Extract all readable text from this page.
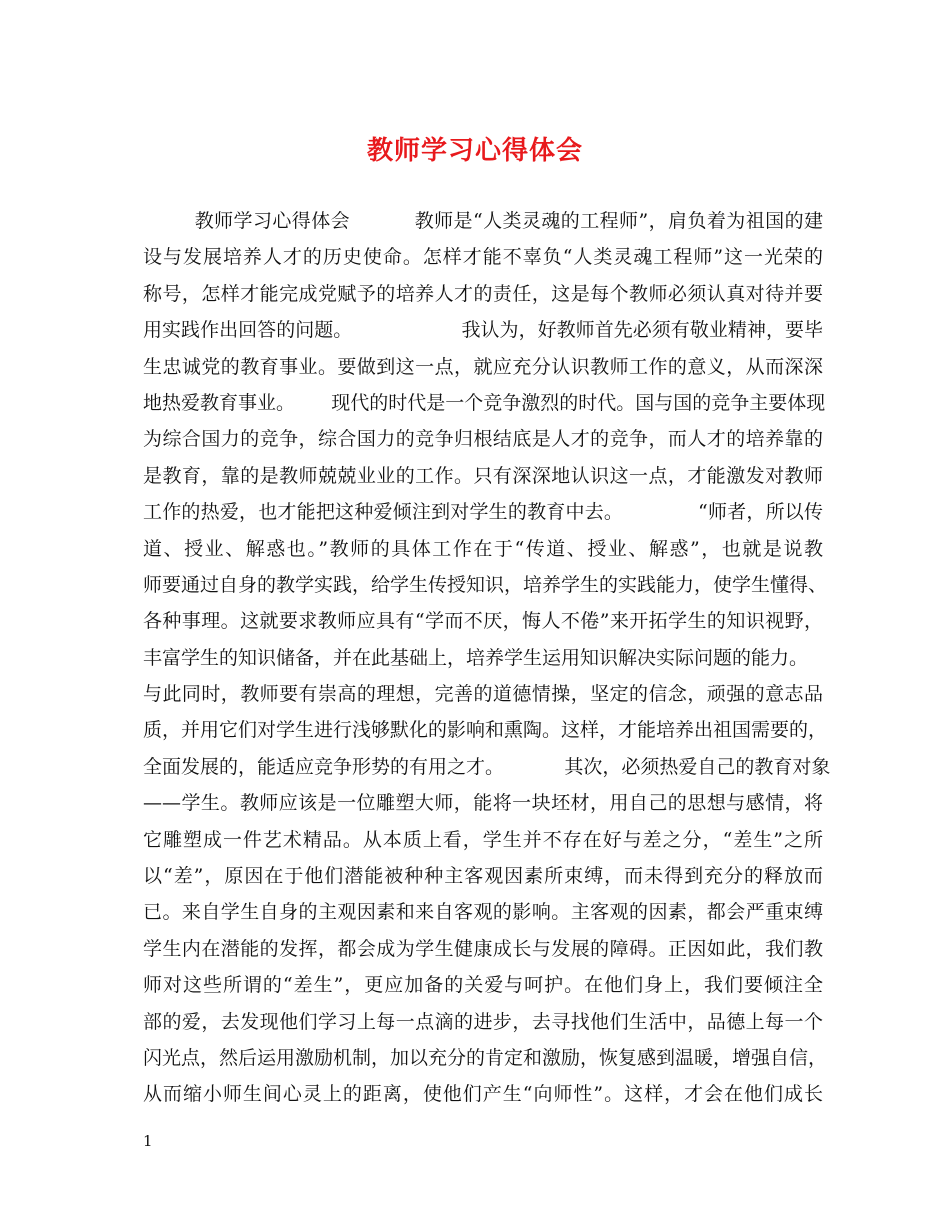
教师学习心得体会
教师学习心得体会          教师是“人类灵魂的工程师”，肩负着为祖国的建
设与发展培养人才的历史使命。怎样才能不辜负“人类灵魂工程师”这一光荣的
称号，怎样才能完成党赋予的培养人才的责任，这是每个教师必须认真对待并要
用实践作出回答的问题。                  我认为，好教师首先必须有敬业精神，要毕
生忠诚党的教育事业。要做到这一点，就应充分认识教师工作的意义，从而深深
地热爱教育事业。      现代的时代是一个竞争激烈的时代。国与国的竞争主要体现
为综合国力的竞争，综合国力的竞争归根结底是人才的竞争，而人才的培养靠的
是教育，靠的是教师兢兢业业的工作。只有深深地认识这一点，才能激发对教师
工作的热爱，也才能把这种爱倾注到对学生的教育中去。            “师者，所以传
道、授业、解惑也。”教师的具体工作在于“传道、授业、解惑”，也就是说教
师要通过自身的教学实践，给学生传授知识，培养学生的实践能力，使学生懂得、
各种事理。这就要求教师应具有“学而不厌，悔人不倦”来开拓学生的知识视野，
丰富学生的知识储备，并在此基础上，培养学生运用知识解决实际问题的能力。
与此同时，教师要有崇高的理想，完善的道德情操，坚定的信念，顽强的意志品
质，并用它们对学生进行浅够默化的影响和熏陶。这样，才能培养出祖国需要的，
全面发展的，能适应竞争形势的有用之才。          其次，必须热爱自己的教育对象
——学生。教师应该是一位雕塑大师，能将一块坯材，用自己的思想与感情，将
它雕塑成一件艺术精品。从本质上看，学生并不存在好与差之分，“差生”之所
以“差”，原因在于他们潜能被种种主客观因素所束缚，而未得到充分的释放而
已。来自学生自身的主观因素和来自客观的影响。主客观的因素，都会严重束缚
学生内在潜能的发挥，都会成为学生健康成长与发展的障碍。正因如此，我们教
师对这些所谓的“差生”，更应加备的关爱与呵护。在他们身上，我们要倾注全
部的爱，去发现他们学习上每一点滴的进步，去寻找他们生活中，品德上每一个
闪光点，然后运用激励机制，加以充分的肯定和激励，恢复感到温暖，增强自信，
从而缩小师生间心灵上的距离，使他们产生“向师性”。这样，才会在他们成长
1
